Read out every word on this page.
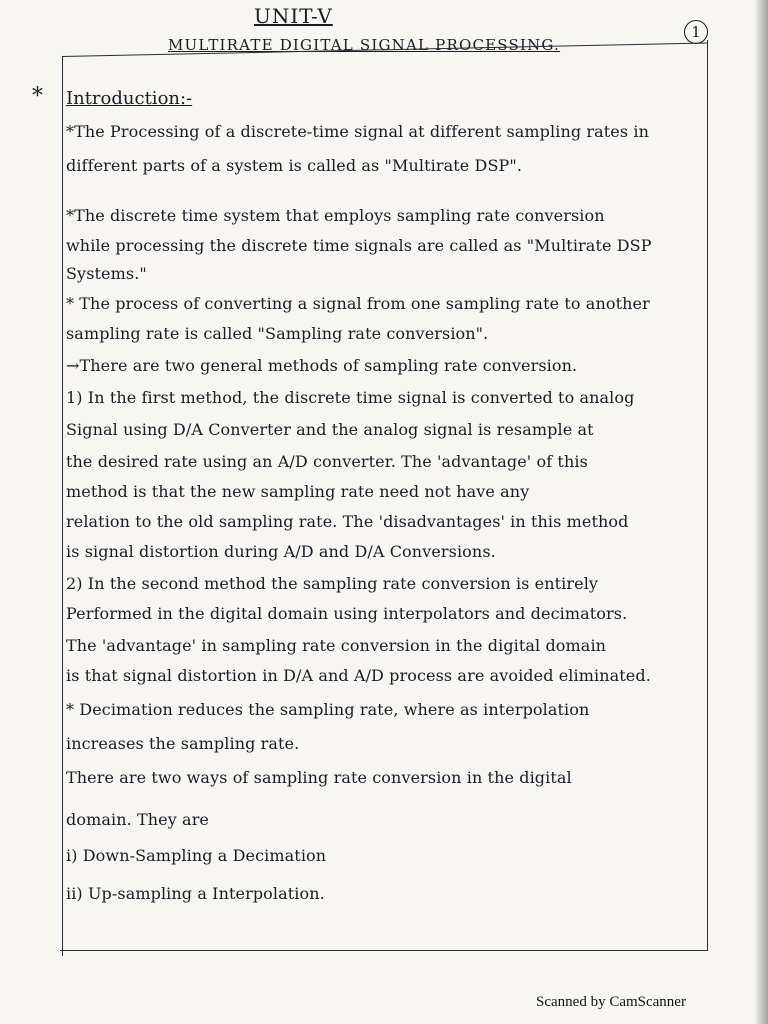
UNIT-V
1
MULTIRATE DIGITAL SIGNAL PROCESSING.
* Introduction:-
*The Processing of a discrete-time signal at different sampling rates in
different parts of a system is called as "Multirate DSP".
*The discrete time system that employs sampling rate conversion
while processing the discrete time signals are called as "Multirate DSP
Systems."
* The process of converting a signal from one sampling rate to another
sampling rate is called "Sampling rate conversion".
→There are two general methods of sampling rate conversion.
1) In the first method, the discrete time signal is converted to analog
Signal using D/A Converter and the analog signal is resample at
the desired rate using an A/D converter. The 'advantage' of this
method is that the new sampling rate need not have any
relation to the old sampling rate. The 'disadvantages' in this method
is signal distortion during A/D and D/A Conversions.
2) In the second method the sampling rate conversion is entirely
Performed in the digital domain using interpolators and decimators.
The 'advantage' in sampling rate conversion in the digital domain
is that signal distortion in D/A and A/D process are avoided eliminated.
* Decimation reduces the sampling rate, where as interpolation
increases the sampling rate.
There are two ways of sampling rate conversion in the digital
domain. They are
i) Down-Sampling a Decimation
ii) Up-sampling a Interpolation.
Scanned by CamScanner
